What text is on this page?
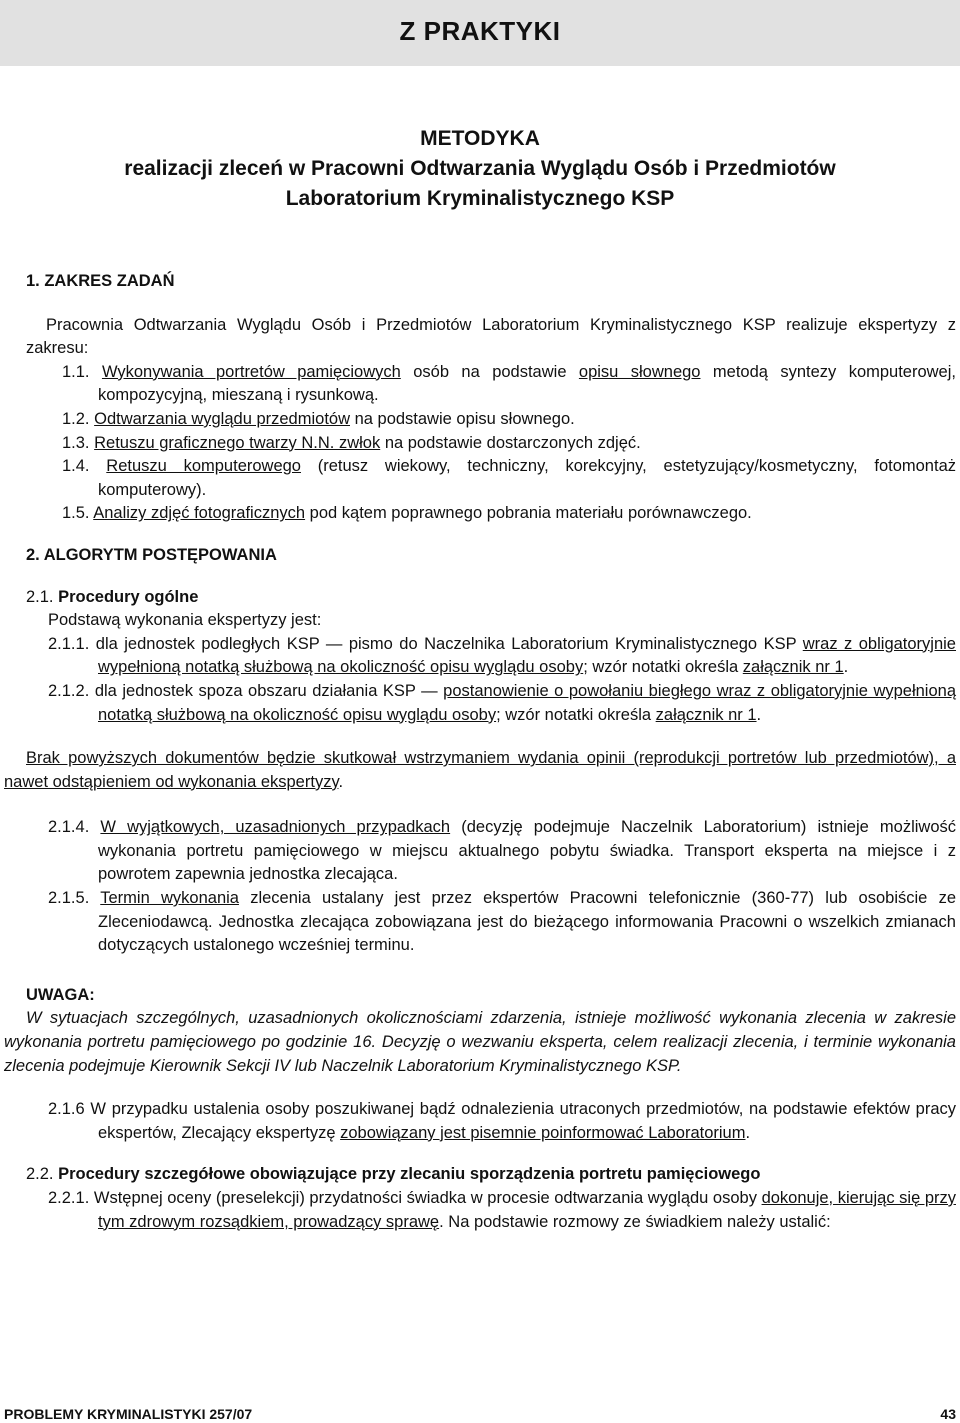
Z PRAKTYKI
METODYKA
realizacji zleceń w Pracowni Odtwarzania Wyglądu Osób i Przedmiotów
Laboratorium Kryminalistycznego KSP

1. ZAKRES ZADAŃ

Pracownia Odtwarzania Wyglądu Osób i Przedmiotów Laboratorium Kryminalistycznego KSP realizuje ekspertyzy z zakresu:

1.1. Wykonywania portretów pamięciowych osób na podstawie opisu słownego metodą syntezy komputerowej, kompozycyjną, mieszaną i rysunkową.

1.2. Odtwarzania wyglądu przedmiotów na podstawie opisu słownego.

1.3. Retuszu graficznego twarzy N.N. zwłok na podstawie dostarczonych zdjęć.

1.4. Retuszu komputerowego (retusz wiekowy, techniczny, korekcyjny, estetyzujący/kosmetyczny, fotomontaż komputerowy).

1.5. Analizy zdjęć fotograficznych pod kątem poprawnego pobrania materiału porównawczego.

2. ALGORYTM POSTĘPOWANIA

2.1. Procedury ogólne

Podstawą wykonania ekspertyzy jest:

2.1.1. dla jednostek podległych KSP — pismo do Naczelnika Laboratorium Kryminalistycznego KSP wraz z obligatoryjnie wypełnioną notatką służbową na okoliczność opisu wyglądu osoby; wzór notatki określa załącznik nr 1.

2.1.2. dla jednostek spoza obszaru działania KSP — postanowienie o powołaniu biegłego wraz z obligatoryjnie wypełnioną notatką służbową na okoliczność opisu wyglądu osoby; wzór notatki określa załącznik nr 1.

Brak powyższych dokumentów będzie skutkował wstrzymaniem wydania opinii (reprodukcji portretów lub przedmiotów), a nawet odstąpieniem od wykonania ekspertyzy.

2.1.4. W wyjątkowych, uzasadnionych przypadkach (decyzję podejmuje Naczelnik Laboratorium) istnieje możliwość wykonania portretu pamięciowego w miejscu aktualnego pobytu świadka. Transport eksperta na miejsce i z powrotem zapewnia jednostka zlecająca.

2.1.5. Termin wykonania zlecenia ustalany jest przez ekspertów Pracowni telefonicznie (360-77) lub osobiście ze Zleceniodawcą. Jednostka zlecająca zobowiązana jest do bieżącego informowania Pracowni o wszelkich zmianach dotyczących ustalonego wcześniej terminu.

UWAGA:

W sytuacjach szczególnych, uzasadnionych okolicznościami zdarzenia, istnieje możliwość wykonania zlecenia w zakresie wykonania portretu pamięciowego po godzinie 16. Decyzję o wezwaniu eksperta, celem realizacji zlecenia, i terminie wykonania zlecenia podejmuje Kierownik Sekcji IV lub Naczelnik Laboratorium Kryminalistycznego KSP.

2.1.6 W przypadku ustalenia osoby poszukiwanej bądź odnalezienia utraconych przedmiotów, na podstawie efektów pracy ekspertów, Zlecający ekspertyzę zobowiązany jest pisemnie poinformować Laboratorium.

2.2. Procedury szczegółowe obowiązujące przy zlecaniu sporządzenia portretu pamięciowego

2.2.1. Wstępnej oceny (preselekcji) przydatności świadka w procesie odtwarzania wyglądu osoby dokonuje, kierując się przy tym zdrowym rozsądkiem, prowadzący sprawę. Na podstawie rozmowy ze świadkiem należy ustalić:

PROBLEMY KRYMINALISTYKI 257/07	43
